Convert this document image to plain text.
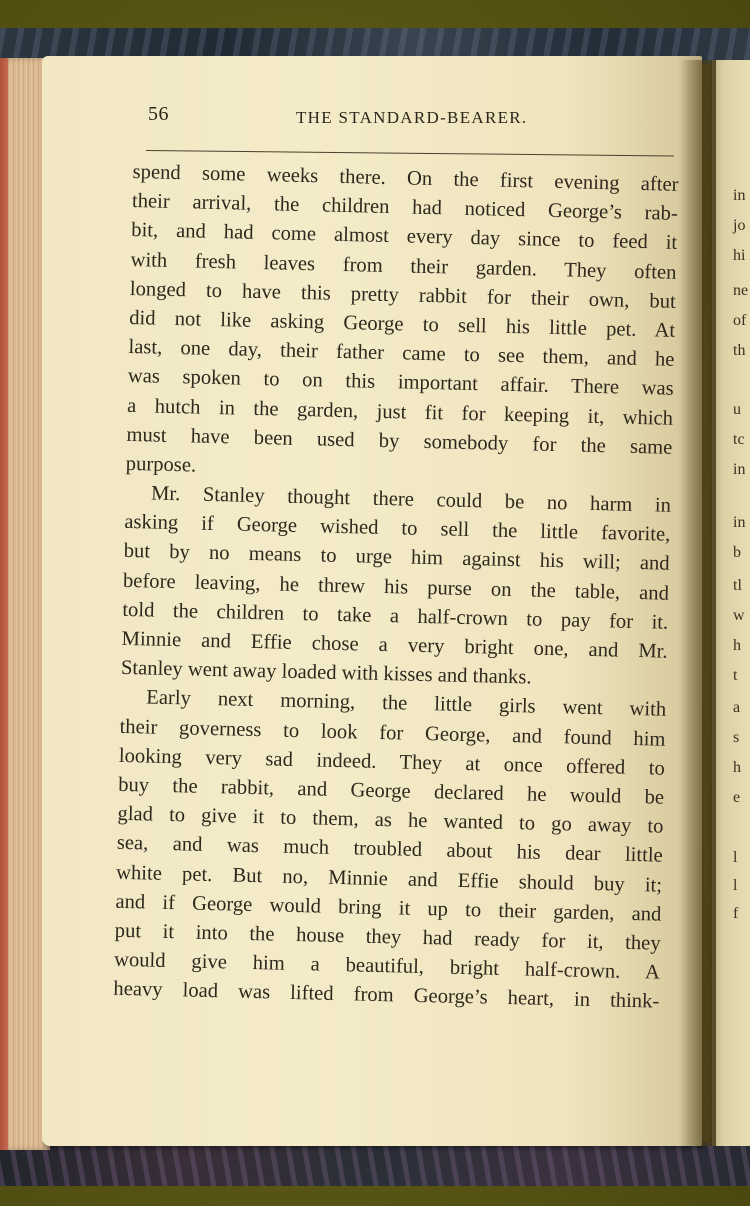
in
jo
hi
ne
of
th
u
tc
in
in
b
tl
w
h
t
a
s
h
e
l
l
f
56	THE STANDARD-BEARER.
spend some weeks there. On the first evening after
their arrival, the children had noticed George’s rab-
bit, and had come almost every day since to feed it
with fresh leaves from their garden. They often
longed to have this pretty rabbit for their own, but
did not like asking George to sell his little pet. At
last, one day, their father came to see them, and he
was spoken to on this important affair. There was
a hutch in the garden, just fit for keeping it, which
must have been used by somebody for the same
purpose.
Mr. Stanley thought there could be no harm in
asking if George wished to sell the little favorite,
but by no means to urge him against his will; and
before leaving, he threw his purse on the table, and
told the children to take a half-crown to pay for it.
Minnie and Effie chose a very bright one, and Mr.
Stanley went away loaded with kisses and thanks.
Early next morning, the little girls went with
their governess to look for George, and found him
looking very sad indeed. They at once offered to
buy the rabbit, and George declared he would be
glad to give it to them, as he wanted to go away to
sea, and was much troubled about his dear little
white pet. But no, Minnie and Effie should buy it;
and if George would bring it up to their garden, and
put it into the house they had ready for it, they
would give him a beautiful, bright half-crown. A
heavy load was lifted from George’s heart, in think-
